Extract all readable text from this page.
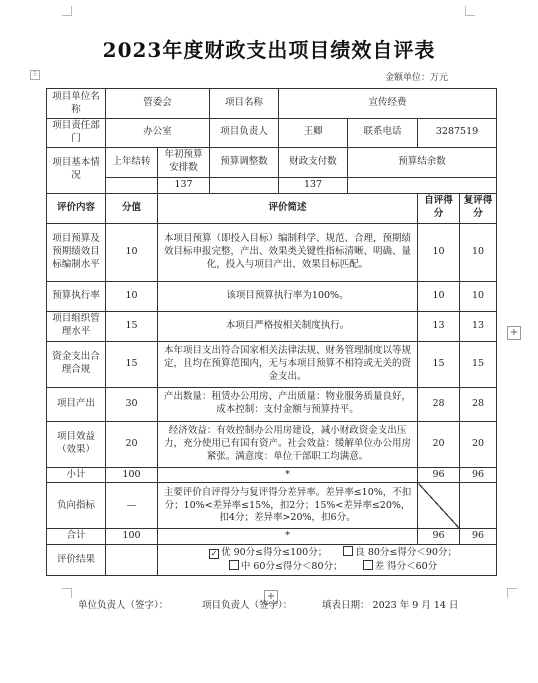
⠿
2023年度财政支出项目绩效自评表
金额单位：万元
项目单位名称	管委会		项目名称	宣传经费			
项目责任部门	办公室		项目负责人	王卿	联系电话	3287519	
项目基本情况	上年结转	年初预算安排数	预算调整数	财政支付数	预算结余数		
		137		137			
评价内容	分值	评价简述				自评得分	复评得分
项目预算及预期绩效目标编制水平	10	本项目预算（即投入目标）编制科学、规范、合理，预期绩效目标申报完整，产出、效果类关键性指标清晰、明确、量化，投入与项目产出、效果目标匹配。				10	10
预算执行率	10	该项目预算执行率为100%。				10	10
项目组织管理水平	15	本项目严格按相关制度执行。				13	13
资金支出合理合规	15	本年项目支出符合国家相关法律法规、财务管理制度以等规定，且均在预算范围内，无与本项目预算不相符或无关的资金支出。				15	15
项目产出	30	产出数量：租赁办公用房、产出质量：物业服务质量良好，成本控制：支付金额与预算持平。				28	28
项目效益（效果）	20	经济效益：有效控制办公用房建设，减小财政资金支出压力，充分使用已有国有资产。社会效益：缓解单位办公用房紧张。满意度：单位干部职工均满意。				20	20
小计	100	*				96	96
负向指标	—	主要评价自评得分与复评得分差异率。差异率≤10%，不扣分；10%<差异率≤15%，扣2分；15%<差异率≤20%，扣4分；差异率>20%，扣6分。					
合计	100	*				96	96
评价结果		✓ 优 90分≤得分≤100分； 良 80分≤得分＜90分；
中 60分≤得分＜80分； 差 得分＜60分					
+
+
单位负责人（签字）：	项目负责人（签字）：	填表日期： 2023 年 9 月 14 日
